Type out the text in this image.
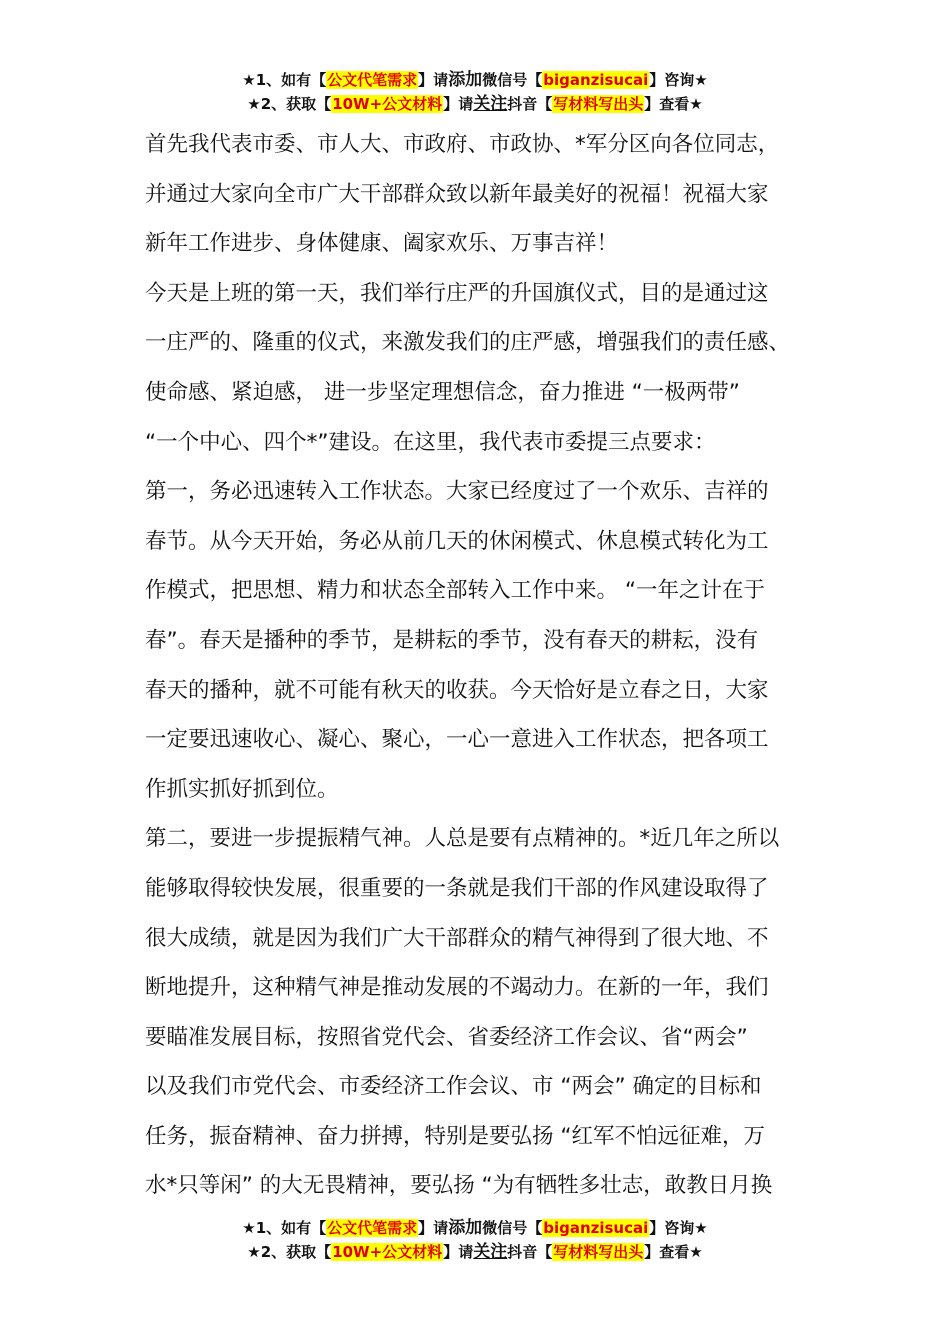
★1、如有【公文代笔需求】请添加微信号【biganzisucai】咨询★
★2、获取【10W+公文材料】请关注抖音【写材料写出头】查看★
首先我代表市委、市人大、市政府、市政协、*军分区向各位同志，
并通过大家向全市广大干部群众致以新年最美好的祝福！祝福大家
新年工作进步、身体健康、阖家欢乐、万事吉祥！
今天是上班的第一天，我们举行庄严的升国旗仪式，目的是通过这
一庄严的、隆重的仪式，来激发我们的庄严感，增强我们的责任感、
使命感、紧迫感， 进一步坚定理想信念，奋力推进 “一极两带”
“一个中心、四个*”建设。在这里，我代表市委提三点要求：
第一，务必迅速转入工作状态。大家已经度过了一个欢乐、吉祥的
春节。从今天开始，务必从前几天的休闲模式、休息模式转化为工
作模式，把思想、精力和状态全部转入工作中来。 “一年之计在于
春”。春天是播种的季节，是耕耘的季节，没有春天的耕耘，没有
春天的播种，就不可能有秋天的收获。今天恰好是立春之日，大家
一定要迅速收心、凝心、聚心，一心一意进入工作状态，把各项工
作抓实抓好抓到位。
第二，要进一步提振精气神。人总是要有点精神的。*近几年之所以
能够取得较快发展，很重要的一条就是我们干部的作风建设取得了
很大成绩，就是因为我们广大干部群众的精气神得到了很大地、不
断地提升，这种精气神是推动发展的不竭动力。在新的一年，我们
要瞄准发展目标，按照省党代会、省委经济工作会议、省“两会”
以及我们市党代会、市委经济工作会议、市 “两会” 确定的目标和
任务，振奋精神、奋力拼搏，特别是要弘扬 “红军不怕远征难，万
水*只等闲” 的大无畏精神，要弘扬 “为有牺牲多壮志，敢教日月换
★1、如有【公文代笔需求】请添加微信号【biganzisucai】咨询★
★2、获取【10W+公文材料】请关注抖音【写材料写出头】查看★
